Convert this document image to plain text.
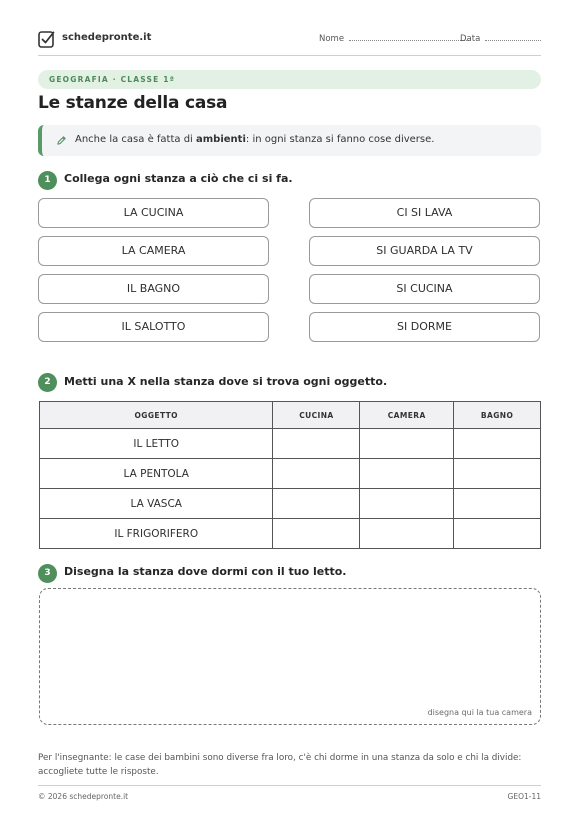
schedepronte.it	Nome	Data
GEOGRAFIA · CLASSE 1ª
Le stanze della casa
Anche la casa è fatta di ambienti: in ogni stanza si fanno cose diverse.
1	Collega ogni stanza a ciò che ci si fa.
LA CUCINA
LA CAMERA
IL BAGNO
IL SALOTTO
CI SI LAVA
SI GUARDA LA TV
SI CUCINA
SI DORME
2	Metti una X nella stanza dove si trova ogni oggetto.
OGGETTO	CUCINA	CAMERA	BAGNO
IL LETTO			
LA PENTOLA			
LA VASCA			
IL FRIGORIFERO			
3	Disegna la stanza dove dormi con il tuo letto.
disegna qui la tua camera
Per l'insegnante: le case dei bambini sono diverse fra loro, c'è chi dorme in una stanza da solo e chi la divide: accogliete tutte le risposte.
© 2026 schedepronte.it	GEO1-11
